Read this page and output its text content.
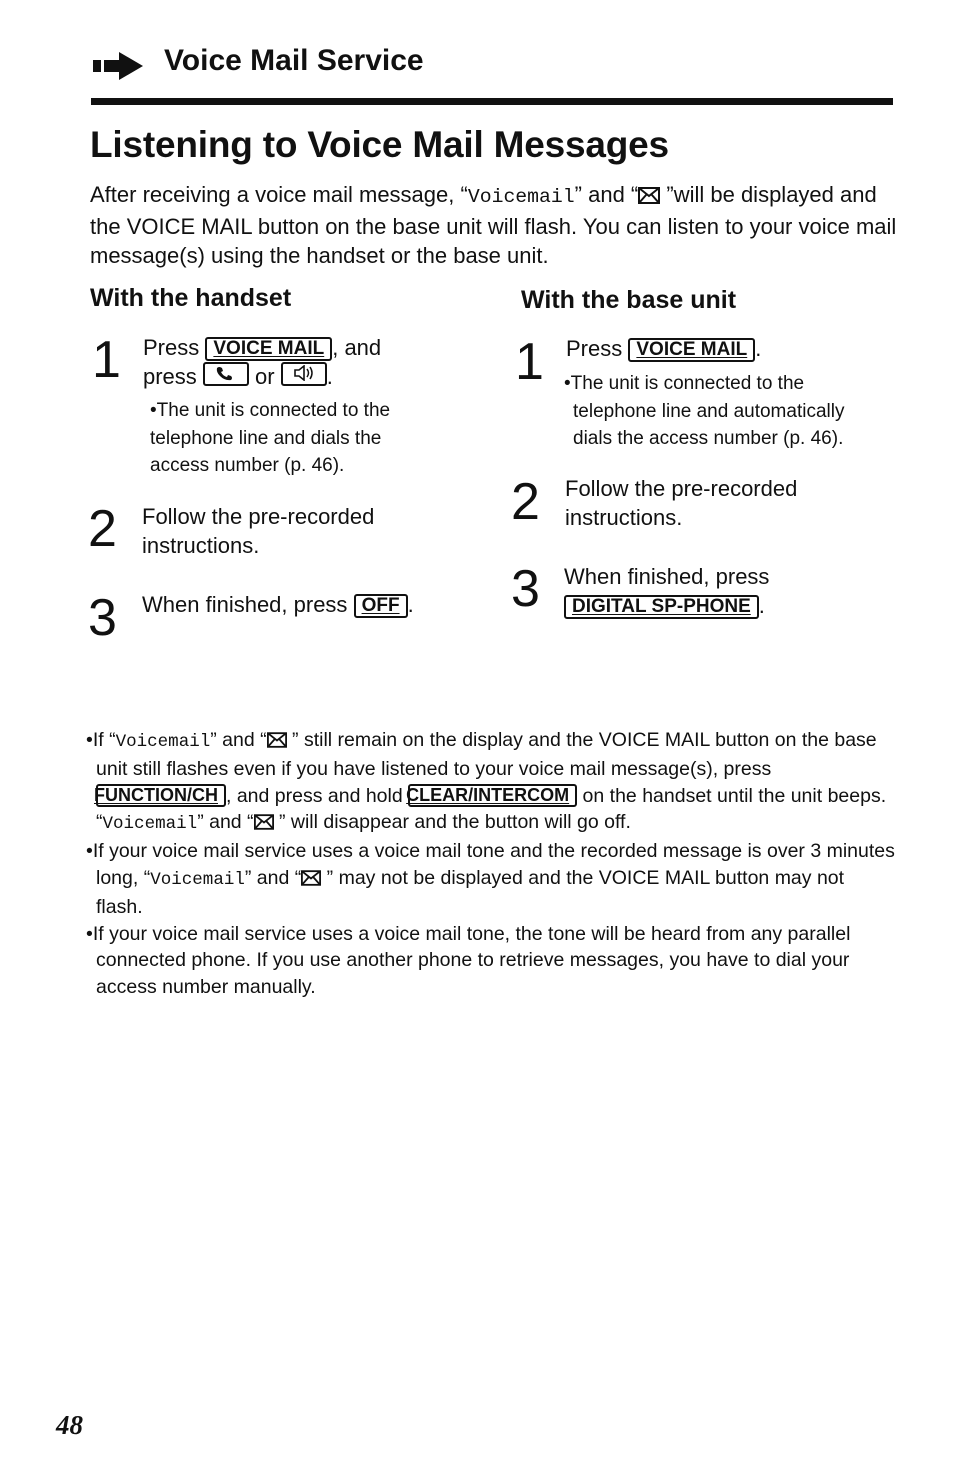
Voice Mail Service
Listening to Voice Mail Messages
After receiving a voice mail message, “Voicemail” and “ ”will be displayed and the VOICE MAIL button on the base unit will flash. You can listen to your voice mail message(s) using the handset or the base unit.
With the handset
1 Press VOICE MAIL , and
press	or .
•The unit is connected to the
telephone line and dials the
access number (p. 46).
2 Follow the pre-recorded
instructions.
3 When finished, press OFF .
With the base unit
1 Press VOICE MAIL .
•The unit is connected to the
telephone line and automatically
dials the access number (p. 46).
2 Follow the pre-recorded
instructions.
3 When finished, press
DIGITAL SP-PHONE .
•If “Voicemail” and “ ” still remain on the display and the VOICE MAIL button on the base unit still flashes even if you have listened to your voice mail message(s), press FUNCTION/CH , and press and hold CLEAR/INTERCOM on the handset until the unit beeps. “Voicemail” and “ ” will disappear and the button will go off.
•If your voice mail service uses a voice mail tone and the recorded message is over 3 minutes long, “Voicemail” and “ ” may not be displayed and the VOICE MAIL button may not flash.
•If your voice mail service uses a voice mail tone, the tone will be heard from any parallel connected phone. If you use another phone to retrieve messages, you have to dial your access number manually.
48
